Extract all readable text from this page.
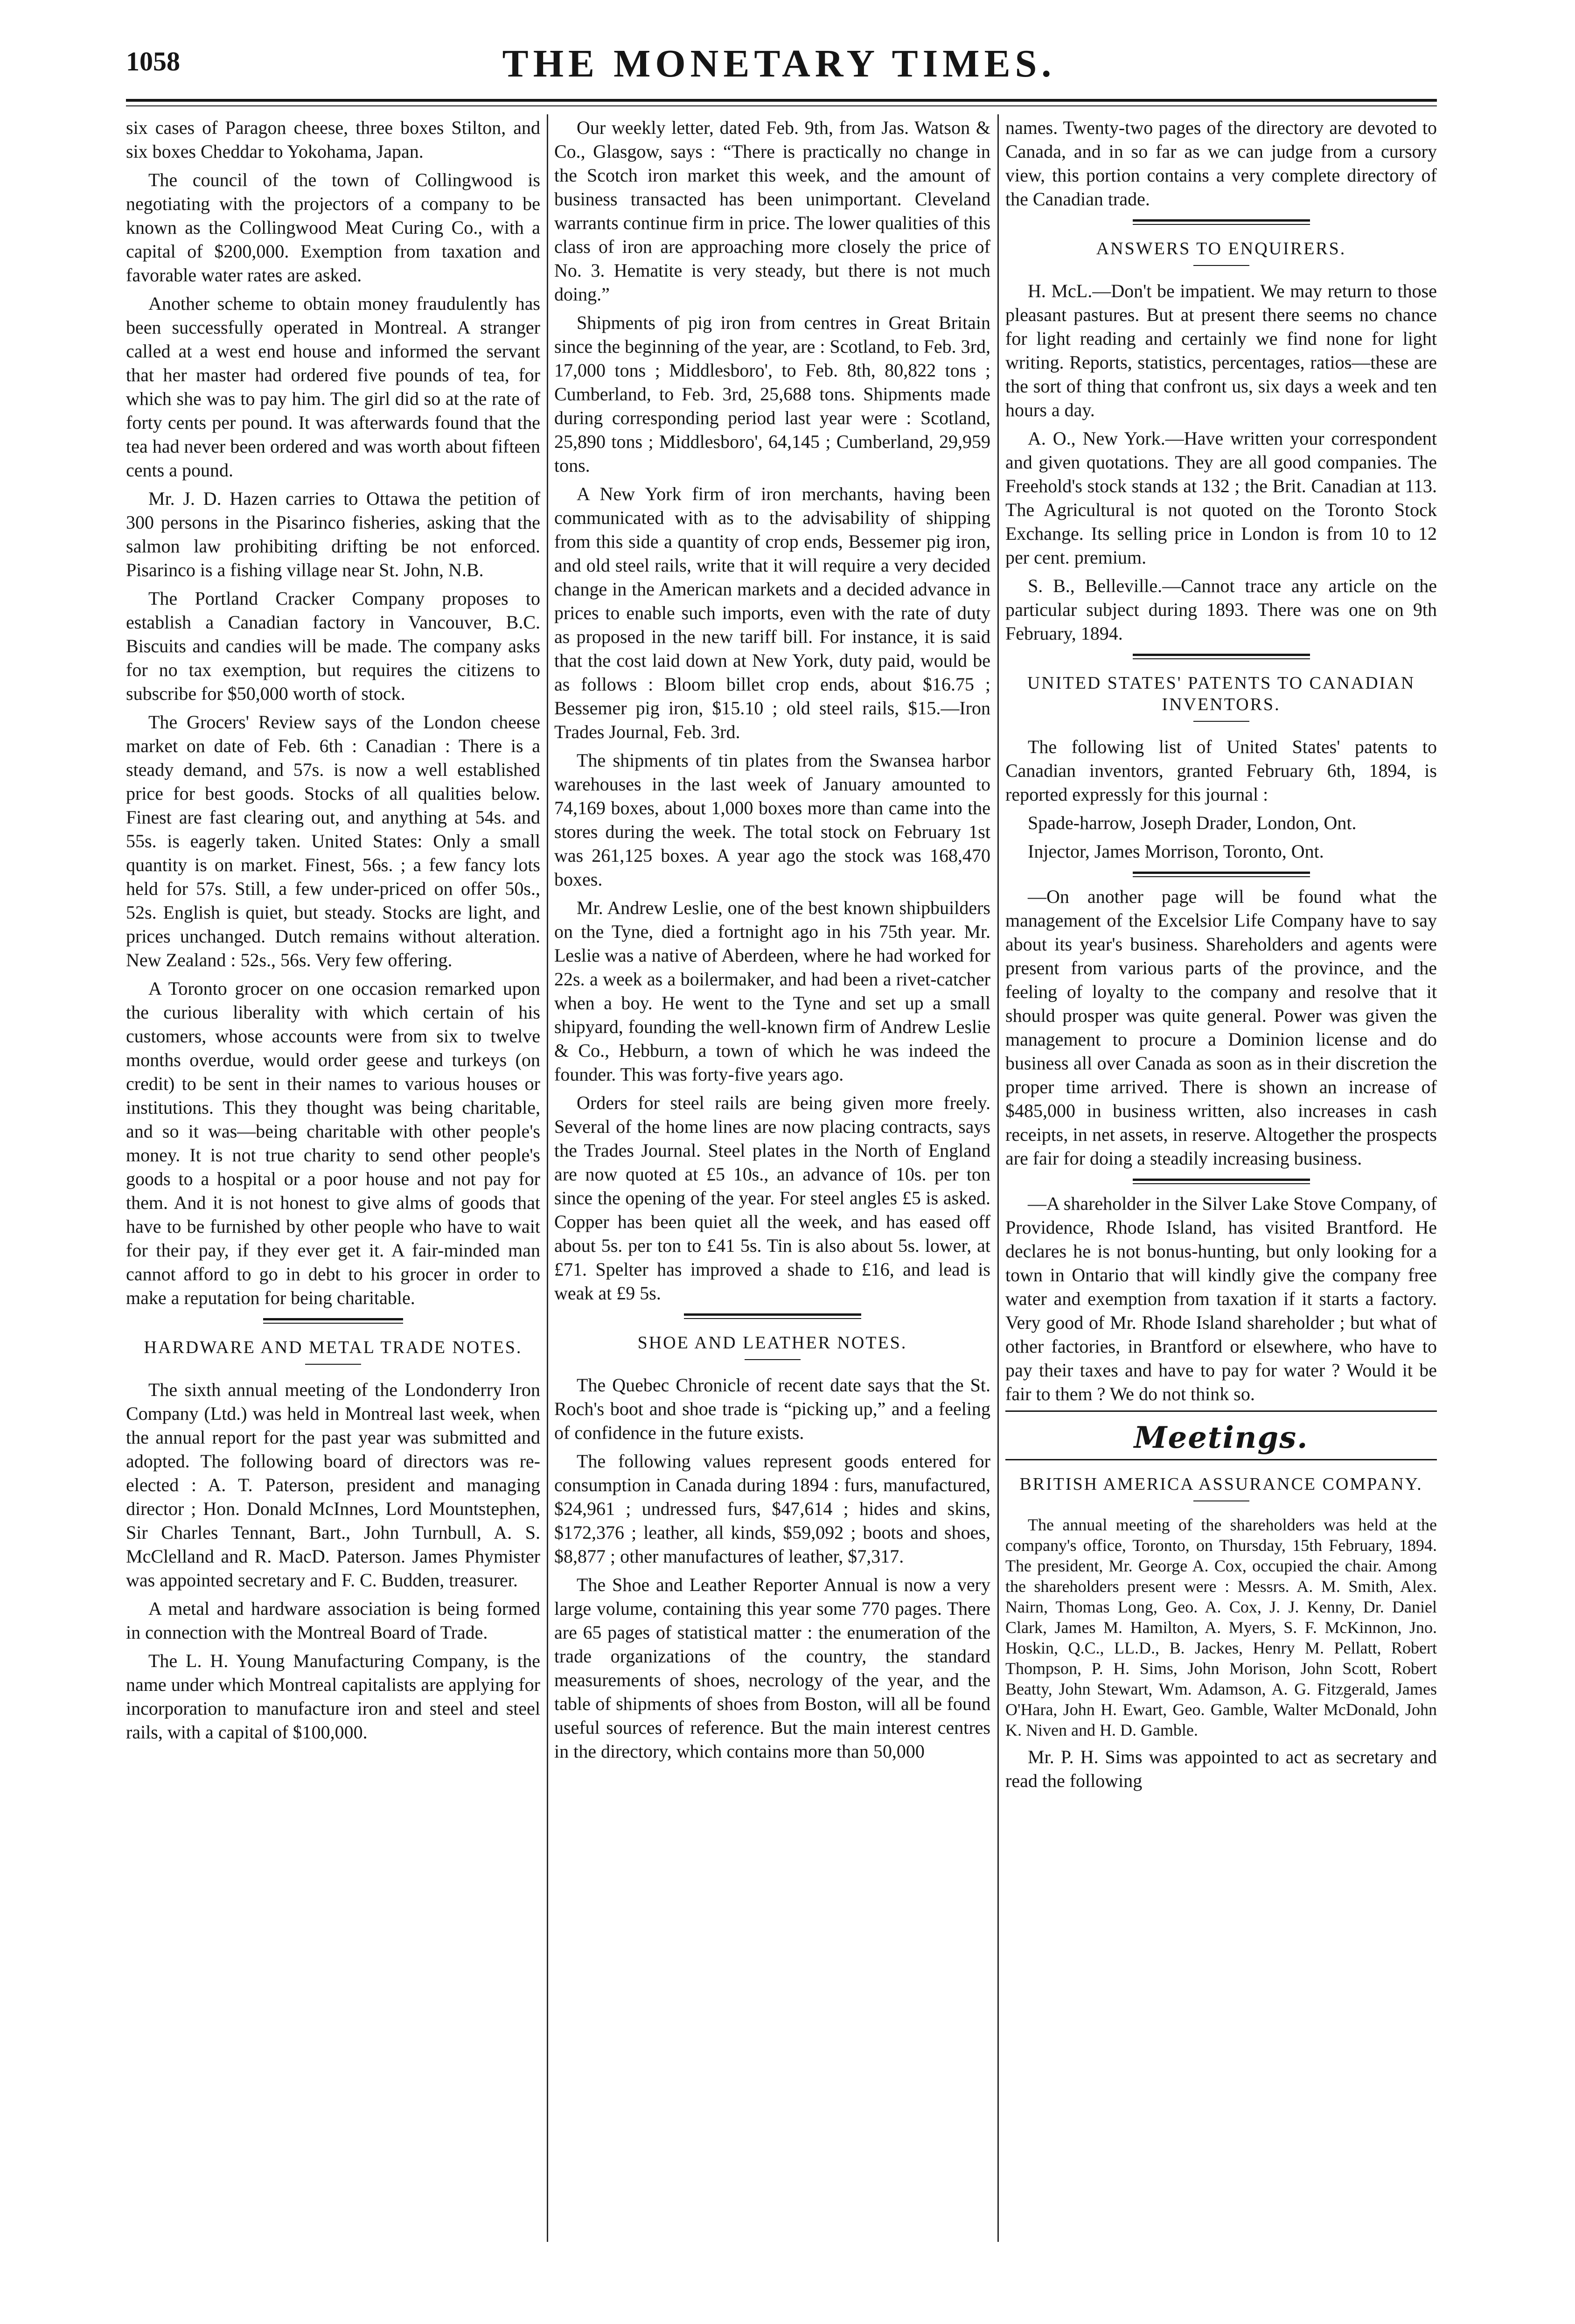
1058	THE MONETARY TIMES.

six cases of Paragon cheese, three boxes Stilton, and six boxes Cheddar to Yokohama, Japan.

The council of the town of Collingwood is negotiating with the projectors of a company to be known as the Collingwood Meat Curing Co., with a capital of $200,000. Exemption from taxation and favorable water rates are asked.

Another scheme to obtain money fraudulently has been successfully operated in Montreal. A stranger called at a west end house and informed the servant that her master had ordered five pounds of tea, for which she was to pay him. The girl did so at the rate of forty cents per pound. It was afterwards found that the tea had never been ordered and was worth about fifteen cents a pound.

Mr. J. D. Hazen carries to Ottawa the petition of 300 persons in the Pisarinco fisheries, asking that the salmon law prohibiting drifting be not enforced. Pisarinco is a fishing village near St. John, N.B.

The Portland Cracker Company proposes to establish a Canadian factory in Vancouver, B.C. Biscuits and candies will be made. The company asks for no tax exemption, but requires the citizens to subscribe for $50,000 worth of stock.

The Grocers' Review says of the London cheese market on date of Feb. 6th : Canadian : There is a steady demand, and 57s. is now a well established price for best goods. Stocks of all qualities below. Finest are fast clearing out, and anything at 54s. and 55s. is eagerly taken. United States: Only a small quantity is on market. Finest, 56s. ; a few fancy lots held for 57s. Still, a few under-priced on offer 50s., 52s. English is quiet, but steady. Stocks are light, and prices unchanged. Dutch remains without alteration. New Zealand : 52s., 56s. Very few offering.

A Toronto grocer on one occasion remarked upon the curious liberality with which certain of his customers, whose accounts were from six to twelve months overdue, would order geese and turkeys (on credit) to be sent in their names to various houses or institutions. This they thought was being charitable, and so it was—being charitable with other people's money. It is not true charity to send other people's goods to a hospital or a poor house and not pay for them. And it is not honest to give alms of goods that have to be furnished by other people who have to wait for their pay, if they ever get it. A fair-minded man cannot afford to go in debt to his grocer in order to make a reputation for being charitable.

HARDWARE AND METAL TRADE NOTES.

The sixth annual meeting of the Londonderry Iron Company (Ltd.) was held in Montreal last week, when the annual report for the past year was submitted and adopted. The following board of directors was re-elected : A. T. Paterson, president and managing director ; Hon. Donald McInnes, Lord Mountstephen, Sir Charles Tennant, Bart., John Turnbull, A. S. McClelland and R. MacD. Paterson. James Phymister was appointed secretary and F. C. Budden, treasurer.

A metal and hardware association is being formed in connection with the Montreal Board of Trade.

The L. H. Young Manufacturing Company, is the name under which Montreal capitalists are applying for incorporation to manufacture iron and steel and steel rails, with a capital of $100,000.

Our weekly letter, dated Feb. 9th, from Jas. Watson & Co., Glasgow, says : “There is practically no change in the Scotch iron market this week, and the amount of business transacted has been unimportant. Cleveland warrants continue firm in price. The lower qualities of this class of iron are approaching more closely the price of No. 3. Hematite is very steady, but there is not much doing.”

Shipments of pig iron from centres in Great Britain since the beginning of the year, are : Scotland, to Feb. 3rd, 17,000 tons ; Middlesboro', to Feb. 8th, 80,822 tons ; Cumberland, to Feb. 3rd, 25,688 tons. Shipments made during corresponding period last year were : Scotland, 25,890 tons ; Middlesboro', 64,145 ; Cumberland, 29,959 tons.

A New York firm of iron merchants, having been communicated with as to the advisability of shipping from this side a quantity of crop ends, Bessemer pig iron, and old steel rails, write that it will require a very decided change in the American markets and a decided advance in prices to enable such imports, even with the rate of duty as proposed in the new tariff bill. For instance, it is said that the cost laid down at New York, duty paid, would be as follows : Bloom billet crop ends, about $16.75 ; Bessemer pig iron, $15.10 ; old steel rails, $15.—Iron Trades Journal, Feb. 3rd.

The shipments of tin plates from the Swansea harbor warehouses in the last week of January amounted to 74,169 boxes, about 1,000 boxes more than came into the stores during the week. The total stock on February 1st was 261,125 boxes. A year ago the stock was 168,470 boxes.

Mr. Andrew Leslie, one of the best known shipbuilders on the Tyne, died a fortnight ago in his 75th year. Mr. Leslie was a native of Aberdeen, where he had worked for 22s. a week as a boilermaker, and had been a rivet-catcher when a boy. He went to the Tyne and set up a small shipyard, founding the well-known firm of Andrew Leslie & Co., Hebburn, a town of which he was indeed the founder. This was forty-five years ago.

Orders for steel rails are being given more freely. Several of the home lines are now placing contracts, says the Trades Journal. Steel plates in the North of England are now quoted at £5 10s., an advance of 10s. per ton since the opening of the year. For steel angles £5 is asked. Copper has been quiet all the week, and has eased off about 5s. per ton to £41 5s. Tin is also about 5s. lower, at £71. Spelter has improved a shade to £16, and lead is weak at £9 5s.

SHOE AND LEATHER NOTES.

The Quebec Chronicle of recent date says that the St. Roch's boot and shoe trade is “picking up,” and a feeling of confidence in the future exists.

The following values represent goods entered for consumption in Canada during 1894 : furs, manufactured, $24,961 ; undressed furs, $47,614 ; hides and skins, $172,376 ; leather, all kinds, $59,092 ; boots and shoes, $8,877 ; other manufactures of leather, $7,317.

The Shoe and Leather Reporter Annual is now a very large volume, containing this year some 770 pages. There are 65 pages of statistical matter : the enumeration of the trade organizations of the country, the standard measurements of shoes, necrology of the year, and the table of shipments of shoes from Boston, will all be found useful sources of reference. But the main interest centres in the directory, which contains more than 50,000

names. Twenty-two pages of the directory are devoted to Canada, and in so far as we can judge from a cursory view, this portion contains a very complete directory of the Canadian trade.

ANSWERS TO ENQUIRERS.

H. McL.—Don't be impatient. We may return to those pleasant pastures. But at present there seems no chance for light reading and certainly we find none for light writing. Reports, statistics, percentages, ratios—these are the sort of thing that confront us, six days a week and ten hours a day.

A. O., New York.—Have written your correspondent and given quotations. They are all good companies. The Freehold's stock stands at 132 ; the Brit. Canadian at 113. The Agricultural is not quoted on the Toronto Stock Exchange. Its selling price in London is from 10 to 12 per cent. premium.

S. B., Belleville.—Cannot trace any article on the particular subject during 1893. There was one on 9th February, 1894.

UNITED STATES' PATENTS TO CANADIAN INVENTORS.

The following list of United States' patents to Canadian inventors, granted February 6th, 1894, is reported expressly for this journal :

Spade-harrow, Joseph Drader, London, Ont.

Injector, James Morrison, Toronto, Ont.

—On another page will be found what the management of the Excelsior Life Company have to say about its year's business. Shareholders and agents were present from various parts of the province, and the feeling of loyalty to the company and resolve that it should prosper was quite general. Power was given the management to procure a Dominion license and do business all over Canada as soon as in their discretion the proper time arrived. There is shown an increase of $485,000 in business written, also increases in cash receipts, in net assets, in reserve. Altogether the prospects are fair for doing a steadily increasing business.

—A shareholder in the Silver Lake Stove Company, of Providence, Rhode Island, has visited Brantford. He declares he is not bonus-hunting, but only looking for a town in Ontario that will kindly give the company free water and exemption from taxation if it starts a factory. Very good of Mr. Rhode Island shareholder ; but what of other factories, in Brantford or elsewhere, who have to pay their taxes and have to pay for water ? Would it be fair to them ? We do not think so.

Meetings.
BRITISH AMERICA ASSURANCE COMPANY.

The annual meeting of the shareholders was held at the company's office, Toronto, on Thursday, 15th February, 1894. The president, Mr. George A. Cox, occupied the chair. Among the shareholders present were : Messrs. A. M. Smith, Alex. Nairn, Thomas Long, Geo. A. Cox, J. J. Kenny, Dr. Daniel Clark, James M. Hamilton, A. Myers, S. F. McKinnon, Jno. Hoskin, Q.C., LL.D., B. Jackes, Henry M. Pellatt, Robert Thompson, P. H. Sims, John Morison, John Scott, Robert Beatty, John Stewart, Wm. Adamson, A. G. Fitzgerald, James O'Hara, John H. Ewart, Geo. Gamble, Walter McDonald, John K. Niven and H. D. Gamble.

Mr. P. H. Sims was appointed to act as secretary and read the following
